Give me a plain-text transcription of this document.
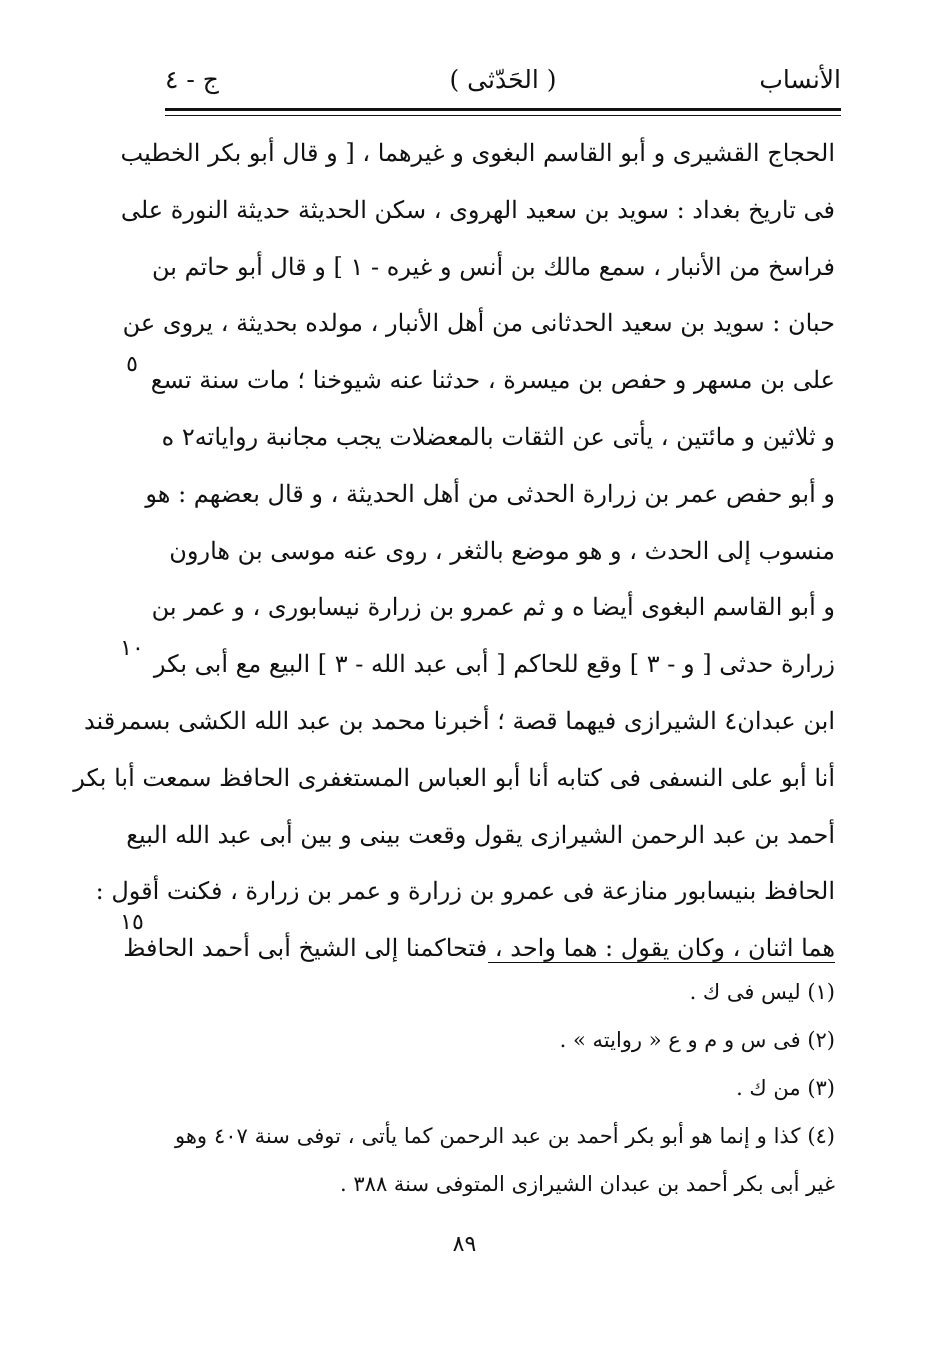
ج - ٤	( الحَدّثى )	الأنساب
الحجاج القشيرى و أبو القاسم البغوى و غيرهما ، [ و قال أبو بكر الخطيب
فى تاريخ بغداد : سويد بن سعيد الهروى ، سكن الحديثة حديثة النورة على
فراسخ من الأنبار ، سمع مالك بن أنس و غيره - ١ ] و قال أبو حاتم بن
حبان : سويد بن سعيد الحدثانى من أهل الأنبار ، مولده بحديثة ، يروى عن
على بن مسهر و حفص بن ميسرة ، حدثنا عنه شيوخنا ؛ مات سنة تسع
و ثلاثين و مائتين ، يأتى عن الثقات بالمعضلات يجب مجانبة رواياته٢ ه
و أبو حفص عمر بن زرارة الحدثى من أهل الحديثة ، و قال بعضهم : هو
منسوب إلى الحدث ، و هو موضع بالثغر ، روى عنه موسى بن هارون
و أبو القاسم البغوى أيضا ه و ثم عمرو بن زرارة نيسابورى ، و عمر بن
زرارة حدثى [ و - ٣ ] وقع للحاكم [ أبى عبد الله - ٣ ] البيع مع أبى بكر
ابن عبدان٤ الشيرازى فيهما قصة ؛ أخبرنا محمد بن عبد الله الكشى بسمرقند
أنا أبو على النسفى فى كتابه أنا أبو العباس المستغفرى الحافظ سمعت أبا بكر
أحمد بن عبد الرحمن الشيرازى يقول وقعت بينى و بين أبى عبد الله البيع
الحافظ بنيسابور منازعة فى عمرو بن زرارة و عمر بن زرارة ، فكنت أقول :
هما اثنان ، وكان يقول : هما واحد ، فتحاكمنا إلى الشيخ أبى أحمد الحافظ
٥
١٠
١٥
(١) ليس فى ك .
(٢) فى س و م و ع « روايته » .
(٣) من ك .
(٤) كذا و إنما هو أبو بكر أحمد بن عبد الرحمن كما يأتى ، توفى سنة ٤٠٧ وهو
غير أبى بكر أحمد بن عبدان الشيرازى المتوفى سنة ٣٨٨ .
٨٩
